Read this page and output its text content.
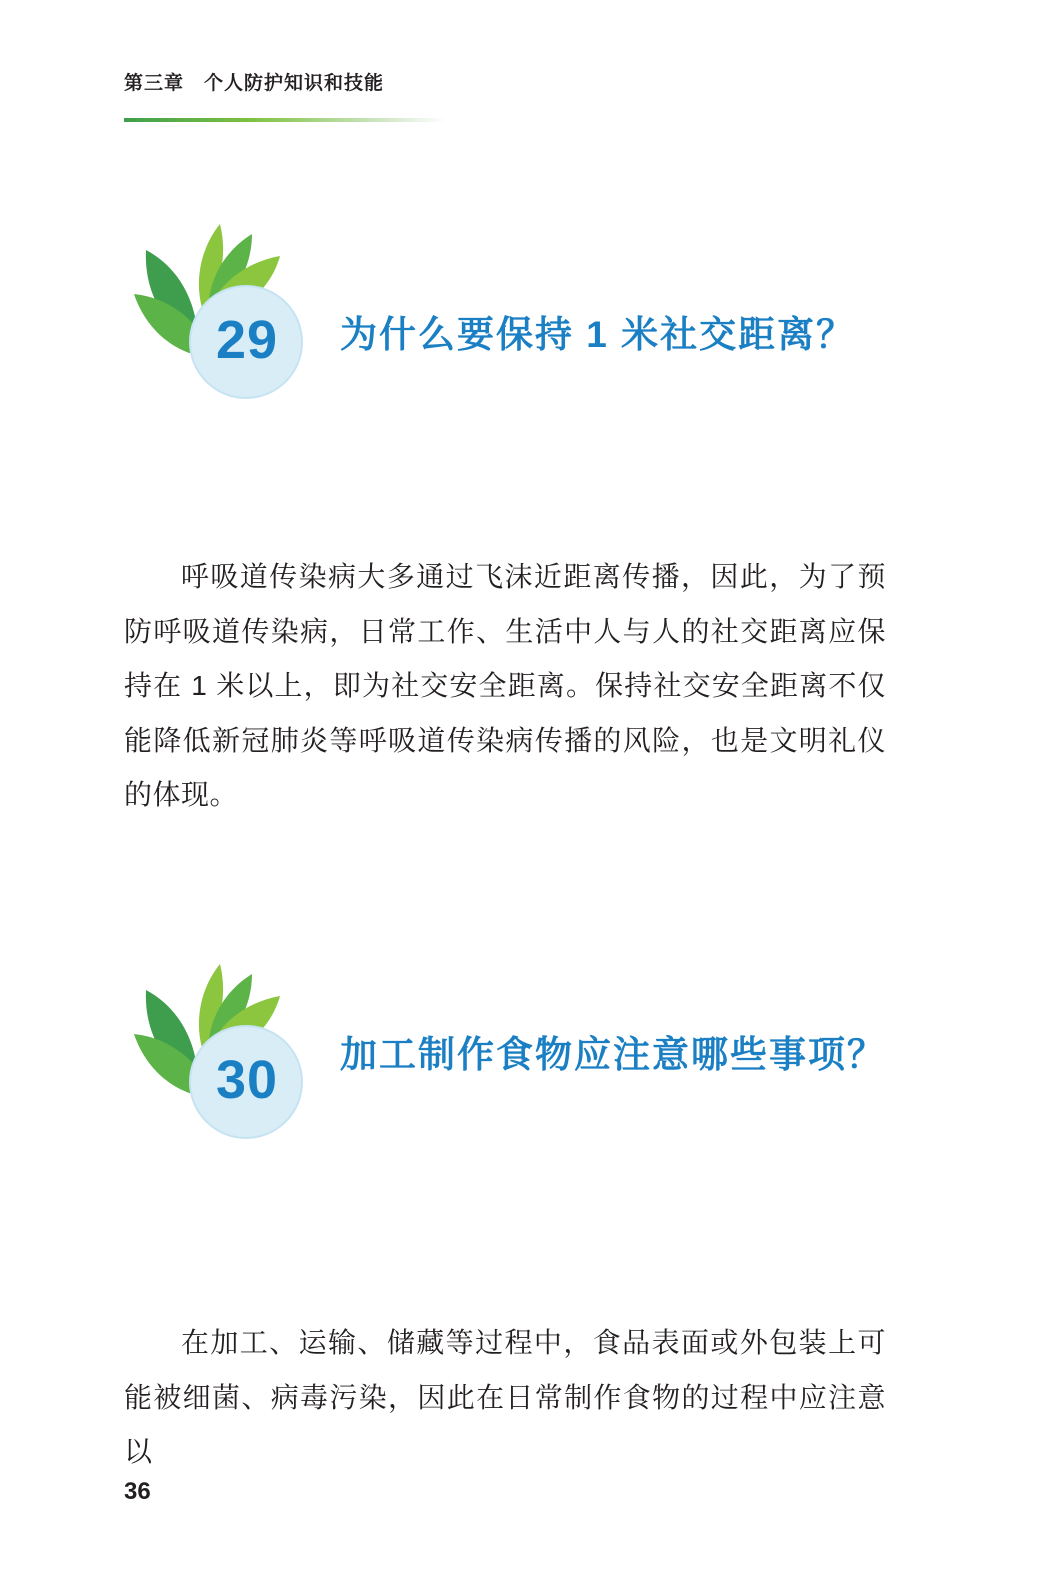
第三章　个人防护知识和技能
29	为什么要保持 1 米社交距离？
呼吸道传染病大多通过飞沫近距离传播，因此，为了预防呼吸道传染病，日常工作、生活中人与人的社交距离应保持在 1 米以上，即为社交安全距离。保持社交安全距离不仅能降低新冠肺炎等呼吸道传染病传播的风险，也是文明礼仪的体现。
30	加工制作食物应注意哪些事项？
在加工、运输、储藏等过程中，食品表面或外包装上可能被细菌、病毒污染，因此在日常制作食物的过程中应注意以
36
